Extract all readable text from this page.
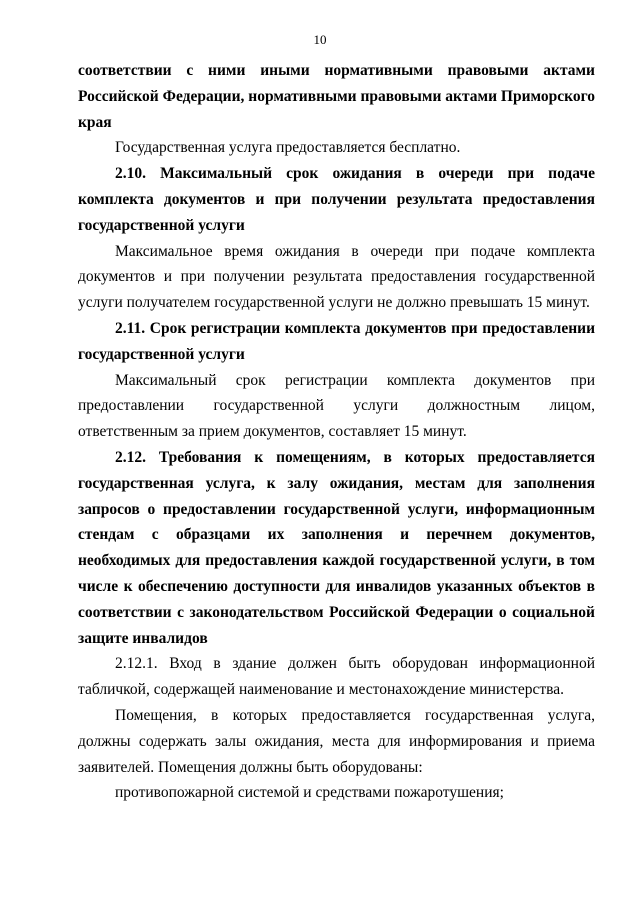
10

соответствии с ними иными нормативными правовыми актами Российской Федерации, нормативными правовыми актами Приморского края

Государственная услуга предоставляется бесплатно.

2.10. Максимальный срок ожидания в очереди при подаче комплекта документов и при получении результата предоставления государственной услуги

Максимальное время ожидания в очереди при подаче комплекта документов и при получении результата предоставления государственной услуги получателем государственной услуги не должно превышать 15 минут.

2.11. Срок регистрации комплекта документов при предоставлении государственной услуги

Максимальный срок регистрации комплекта документов при предоставлении государственной услуги должностным лицом, ответственным за прием документов, составляет 15 минут.

2.12. Требования к помещениям, в которых предоставляется государственная услуга, к залу ожидания, местам для заполнения запросов о предоставлении государственной услуги, информационным стендам с образцами их заполнения и перечнем документов, необходимых для предоставления каждой государственной услуги, в том числе к обеспечению доступности для инвалидов указанных объектов в соответствии с законодательством Российской Федерации о социальной защите инвалидов

2.12.1. Вход в здание должен быть оборудован информационной табличкой, содержащей наименование и местонахождение министерства.

Помещения, в которых предоставляется государственная услуга, должны содержать залы ожидания, места для информирования и приема заявителей. Помещения должны быть оборудованы:

противопожарной системой и средствами пожаротушения;
